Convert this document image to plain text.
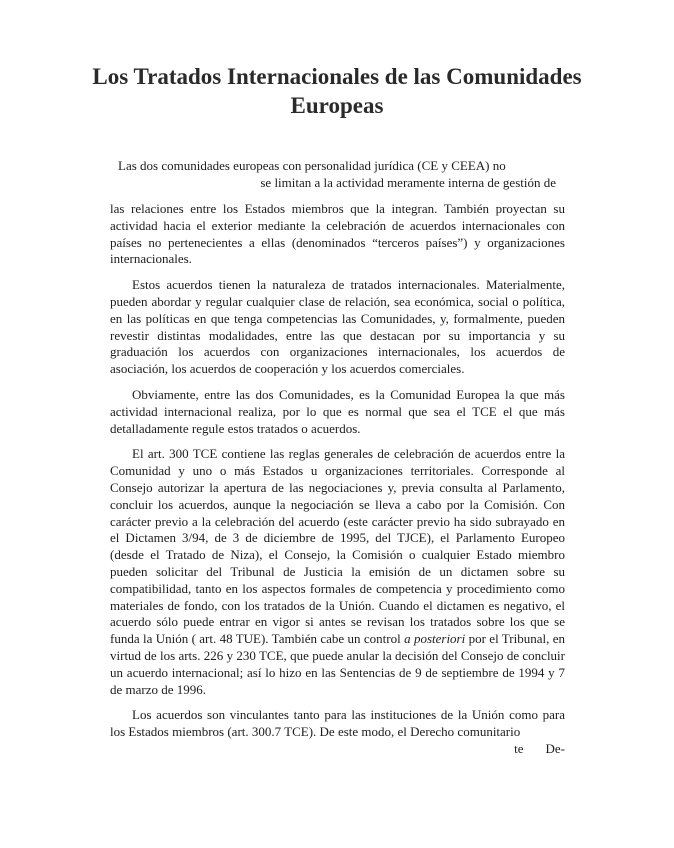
Los Tratados Internacionales de las Comunidades Europeas
Las dos comunidades europeas con personalidad jurídica (CE y CEEA) no
se limitan a la actividad meramente interna de gestión de

las relaciones entre los Estados miembros que la integran. También proyectan su actividad hacia el exterior mediante la celebración de acuerdos internacionales con países no pertenecientes a ellas (denominados “terceros países”) y organizaciones internacionales.

Estos acuerdos tienen la naturaleza de tratados internacionales. Materialmente, pueden abordar y regular cualquier clase de relación, sea económica, social o política, en las políticas en que tenga competencias las Comunidades, y, formalmente, pueden revestir distintas modalidades, entre las que destacan por su importancia y su graduación los acuerdos con organizaciones internacionales, los acuerdos de asociación, los acuerdos de cooperación y los acuerdos comerciales.

Obviamente, entre las dos Comunidades, es la Comunidad Europea la que más actividad internacional realiza, por lo que es normal que sea el TCE el que más detalladamente regule estos tratados o acuerdos.

El art. 300 TCE contiene las reglas generales de celebración de acuerdos entre la Comunidad y uno o más Estados u organizaciones territoriales. Corresponde al Consejo autorizar la apertura de las negociaciones y, previa consulta al Parlamento, concluir los acuerdos, aunque la negociación se lleva a cabo por la Comisión. Con carácter previo a la celebración del acuerdo (este carácter previo ha sido subrayado en el Dictamen 3/94, de 3 de diciembre de 1995, del TJCE), el Parlamento Europeo (desde el Tratado de Niza), el Consejo, la Comisión o cualquier Estado miembro pueden solicitar del Tribunal de Justicia la emisión de un dictamen sobre su compatibilidad, tanto en los aspectos formales de competencia y procedimiento como materiales de fondo, con los tratados de la Unión. Cuando el dictamen es negativo, el acuerdo sólo puede entrar en vigor si antes se revisan los tratados sobre los que se funda la Unión ( art. 48 TUE). También cabe un control a posteriori por el Tribunal, en virtud de los arts. 226 y 230 TCE, que puede anular la decisión del Consejo de concluir un acuerdo internacional; así lo hizo en las Sentencias de 9 de septiembre de 1994 y 7 de marzo de 1996.

Los acuerdos son vinculantes tanto para las instituciones de la Unión como para los Estados miembros (art. 300.7 TCE). De este modo, el Derecho comunitario

te De-
